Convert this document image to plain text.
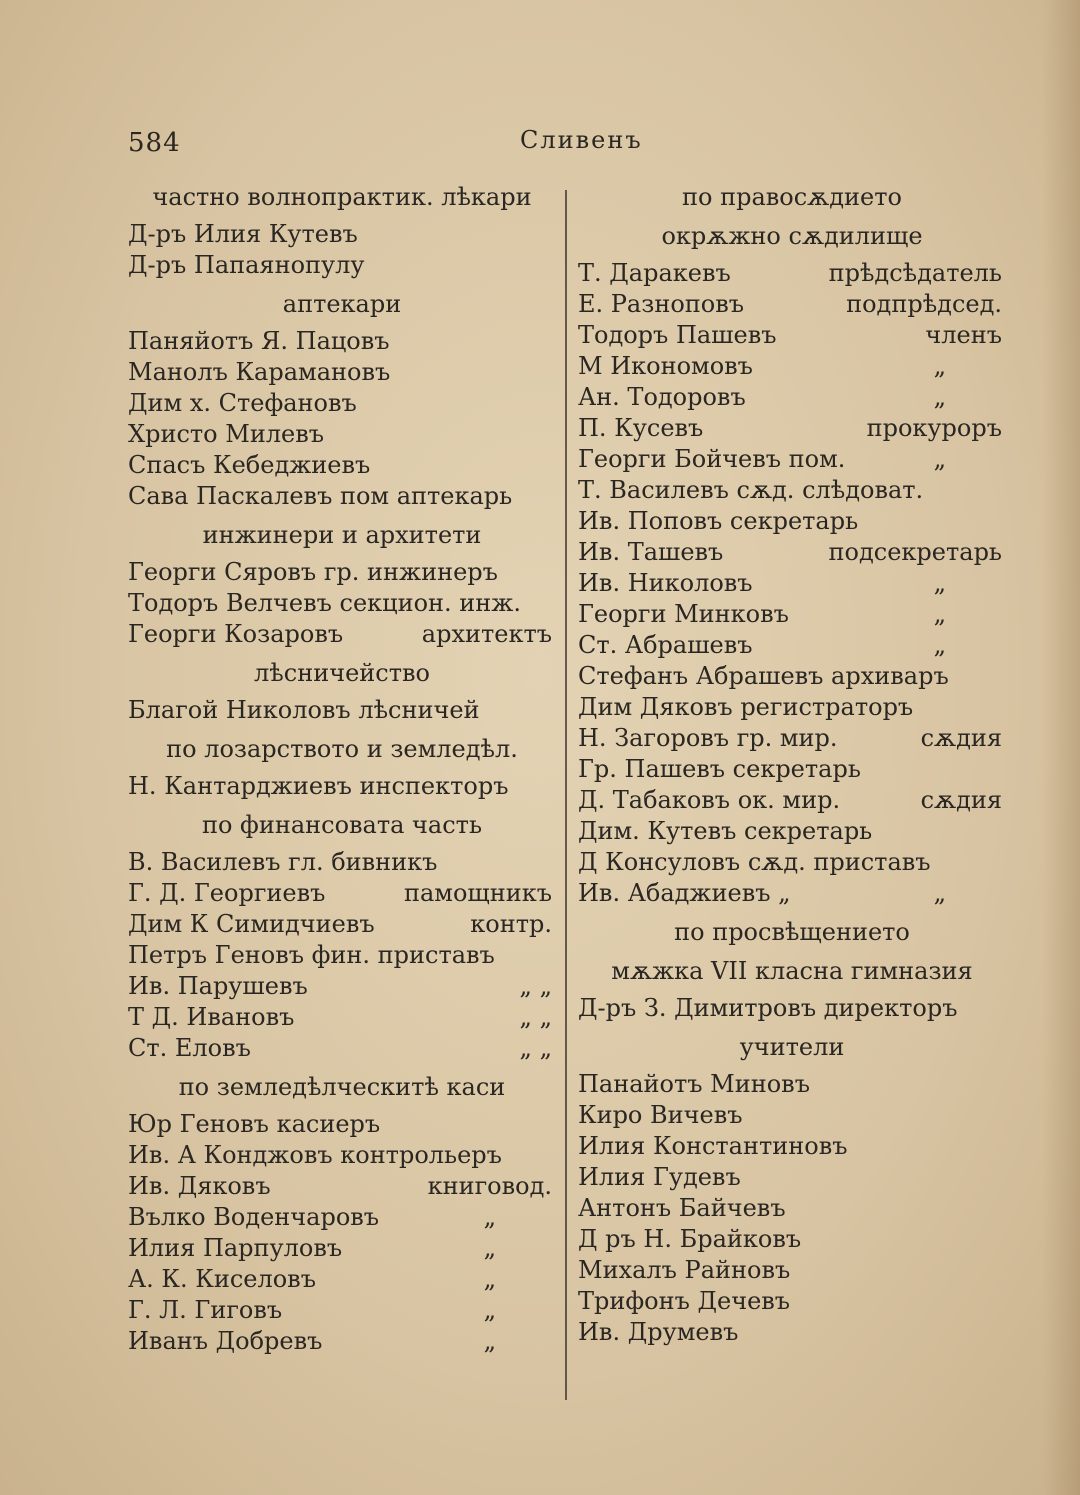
584	Сливенъ
частно волнопрактик. лѣкари
Д-ръ Илия Кутевъ
Д-ръ Папаянопулу
аптекари
Паняйотъ Я. Пацовъ
Манолъ Карамановъ
Дим х. Стефановъ
Христо Милевъ
Спасъ Кебеджиевъ
Сава Паскалевъ пом аптекарь
инжинери и архитети
Георги Сяровъ гр. инжинеръ
Тодоръ Велчевъ секцион. инж.
Георги Козаровъ	архитектъ
лѣсничейство
Благой Николовъ лѣсничей
по лозарството и земледѣл.
Н. Кантарджиевъ инспекторъ
по финансовата часть
В. Василевъ гл. бивникъ
Г. Д. Георгиевъ	памощникъ
Дим К Симидчиевъ	контр.
Петръ Геновъ фин. приставъ
Ив. Парушевъ	„ „
Т Д. Ивановъ	„ „
Ст. Еловъ	„ „
по земледѣлческитѣ каси
Юр Геновъ касиеръ
Ив. А Конджовъ контрольеръ
Ив. Дяковъ	книговод.
Вълко Воденчаровъ	„
Илия Парпуловъ	„
А. К. Киселовъ	„
Г. Л. Гиговъ	„
Иванъ Добревъ	„
по правосѫдието
окрѫжно сѫдилище
Т. Даракевъ	прѣдсѣдатель
Е. Разноповъ	подпрѣдсед.
Тодоръ Пашевъ	членъ
М Икономовъ	„
Ан. Тодоровъ	„
П. Кусевъ	прокуроръ
Георги Бойчевъ пом.	„
Т. Василевъ сѫд. слѣдоват.
Ив. Поповъ секретарь
Ив. Ташевъ	подсекретарь
Ив. Николовъ	„
Георги Минковъ	„
Ст. Абрашевъ	„
Стефанъ Абрашевъ архиваръ
Дим Дяковъ регистраторъ
Н. Загоровъ гр. мир.	сѫдия
Гр. Пашевъ секретарь
Д. Табаковъ ок. мир.	сѫдия
Дим. Кутевъ секретарь
Д Консуловъ сѫд. приставъ
Ив. Абаджиевъ „	„
по просвѣщението
мѫжка VII класна гимназия
Д-ръ З. Димитровъ директоръ
учители
Панайотъ Миновъ
Киро Вичевъ
Илия Константиновъ
Илия Гудевъ
Антонъ Байчевъ
Д ръ Н. Брайковъ
Михалъ Райновъ
Трифонъ Дечевъ
Ив. Друмевъ
